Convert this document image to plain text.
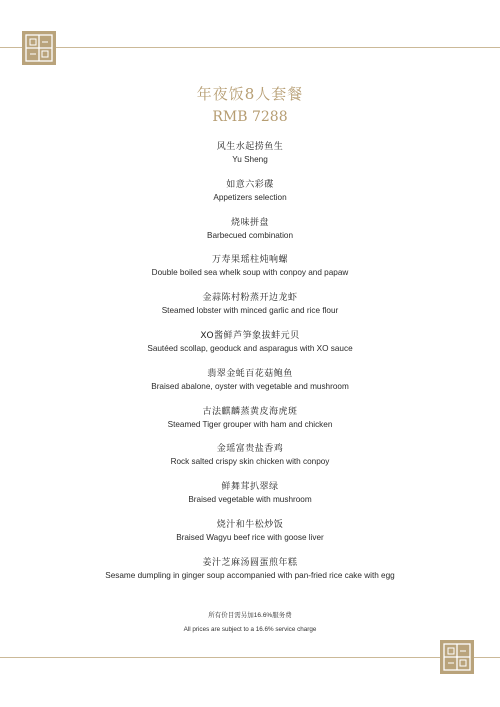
年夜饭8人套餐
RMB 7288
风生水起捞鱼生
Yu Sheng
如意六彩碟
Appetizers selection
烧味拼盘
Barbecued combination
万寿果瑶柱炖响螺
Double boiled sea whelk soup with conpoy and papaw
金蒜陈村粉蒸开边龙虾
Steamed lobster with minced garlic and rice flour
XO酱鲜芦笋象拔蚌元贝
Sautéed scollap, geoduck and asparagus with XO sauce
翡翠金蚝百花菇鲍鱼
Braised abalone, oyster with vegetable and mushroom
古法麒麟蒸黄皮海虎斑
Steamed Tiger grouper with ham and chicken
金瑶富贵盐香鸡
Rock salted crispy skin chicken with conpoy
鲜舞茸扒翠绿
Braised vegetable with mushroom
烧汁和牛松炒饭
Braised Wagyu beef rice with goose liver
姜汁芝麻汤圆蛋煎年糕
Sesame dumpling in ginger soup accompanied with pan-fried rice cake with egg
所有价目需另加16.6%服务费
All prices are subject to a 16.6% service charge
